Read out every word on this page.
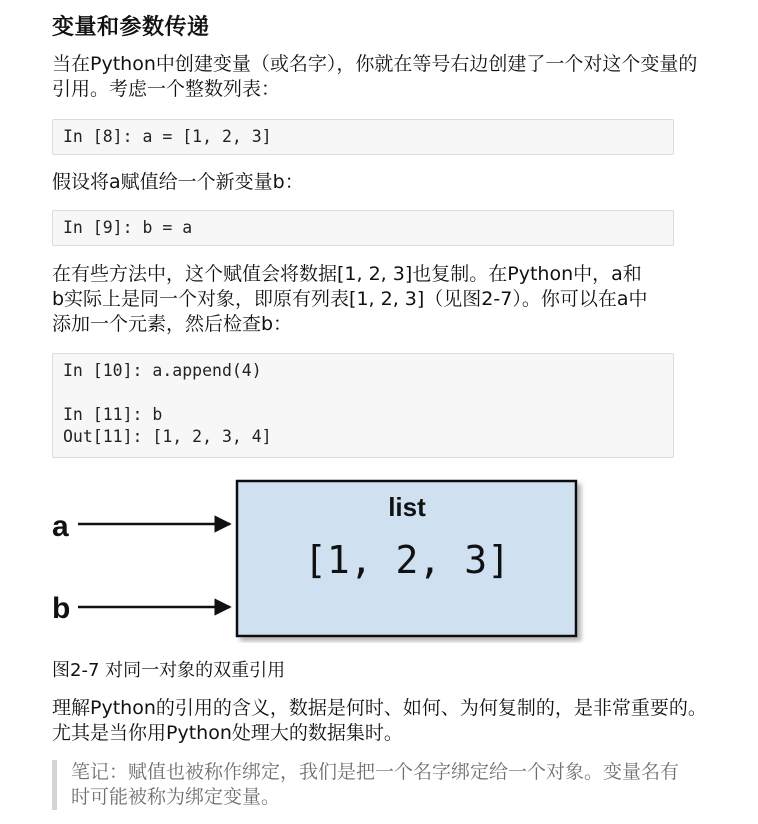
变量和参数传递
当在Python中创建变量（或名字），你就在等号右边创建了一个对这个变量的引用。考虑一个整数列表：
In [8]: a = [1, 2, 3]
假设将a赋值给一个新变量b：
In [9]: b = a
在有些方法中，这个赋值会将数据[1, 2, 3]也复制。在Python中，a和b实际上是同一个对象，即原有列表[1, 2, 3]（见图2-7）。你可以在a中添加一个元素，然后检查b：
In [10]: a.append(4)

In [11]: b
Out[11]: [1, 2, 3, 4]
a
b
list
[1, 2, 3]
图2-7 对同一对象的双重引用
理解Python的引用的含义，数据是何时、如何、为何复制的，是非常重要的。尤其是当你用Python处理大的数据集时。
笔记：赋值也被称作绑定，我们是把一个名字绑定给一个对象。变量名有时可能被称为绑定变量。
